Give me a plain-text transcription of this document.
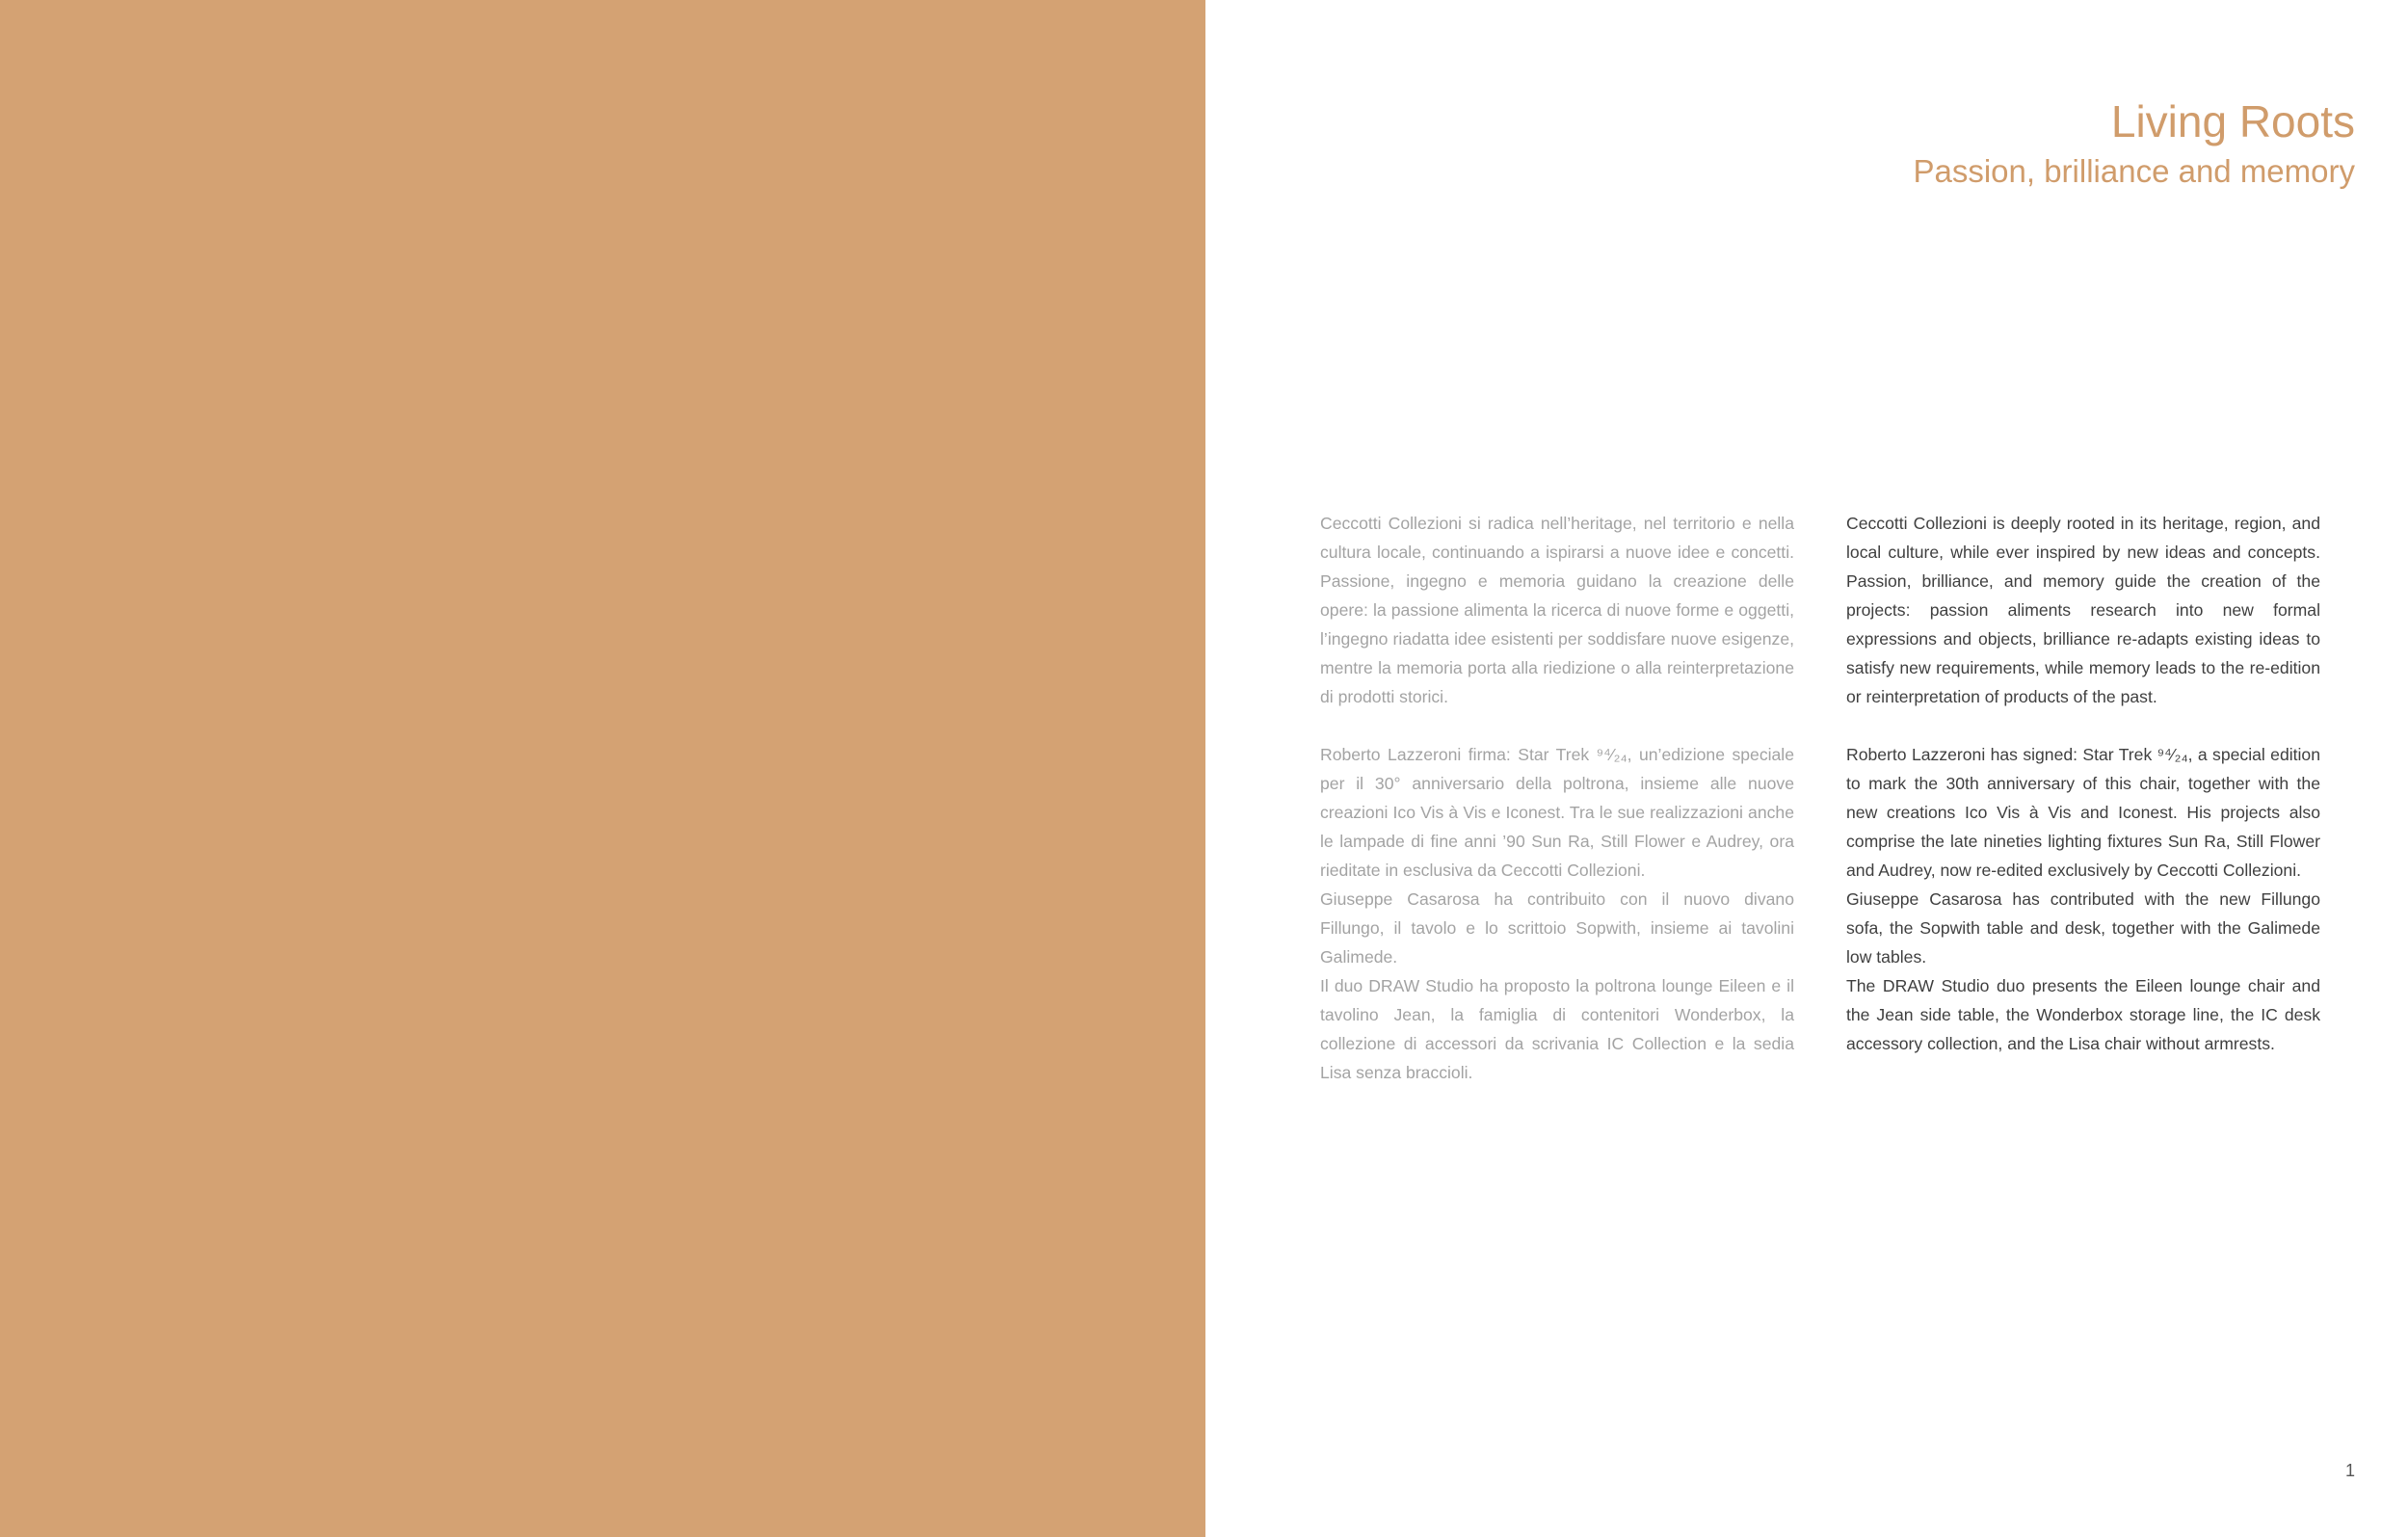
Living Roots
Passion, brilliance and memory

Ceccotti Collezioni si radica nell’heritage, nel territorio e nella cultura locale, continuando a ispirarsi a nuove idee e concetti. Passione, ingegno e memoria guidano la creazione delle opere: la passione alimenta la ricerca di nuove forme e oggetti, l’ingegno riadatta idee esistenti per soddisfare nuove esigenze, mentre la memoria porta alla riedizione o alla reinterpretazione di prodotti storici.

Roberto Lazzeroni firma: Star Trek ⁹⁴⁄₂₄, un’edizione speciale per il 30° anniversario della poltrona, insieme alle nuove creazioni Ico Vis à Vis e Iconest. Tra le sue realizzazioni anche le lampade di fine anni ’90 Sun Ra, Still Flower e Audrey, ora rieditate in esclusiva da Ceccotti Collezioni.

Giuseppe Casarosa ha contribuito con il nuovo divano Fillungo, il tavolo e lo scrittoio Sopwith, insieme ai tavolini Galimede.

Il duo DRAW Studio ha proposto la poltrona lounge Eileen e il tavolino Jean, la famiglia di contenitori Wonderbox, la collezione di accessori da scrivania IC Collection e la sedia Lisa senza braccioli.

Ceccotti Collezioni is deeply rooted in its heritage, region, and local culture, while ever inspired by new ideas and concepts. Passion, brilliance, and memory guide the creation of the projects: passion aliments research into new formal expressions and objects, brilliance re-adapts existing ideas to satisfy new requirements, while memory leads to the re-edition or reinterpretation of products of the past.

Roberto Lazzeroni has signed: Star Trek ⁹⁴⁄₂₄, a special edition to mark the 30th anniversary of this chair, together with the new creations Ico Vis à Vis and Iconest. His projects also comprise the late nineties lighting fixtures Sun Ra, Still Flower and Audrey, now re-edited exclusively by Ceccotti Collezioni.

Giuseppe Casarosa has contributed with the new Fillungo sofa, the Sopwith table and desk, together with the Galimede low tables.

The DRAW Studio duo presents the Eileen lounge chair and the Jean side table, the Wonderbox storage line, the IC desk accessory collection, and the Lisa chair without armrests.

1
